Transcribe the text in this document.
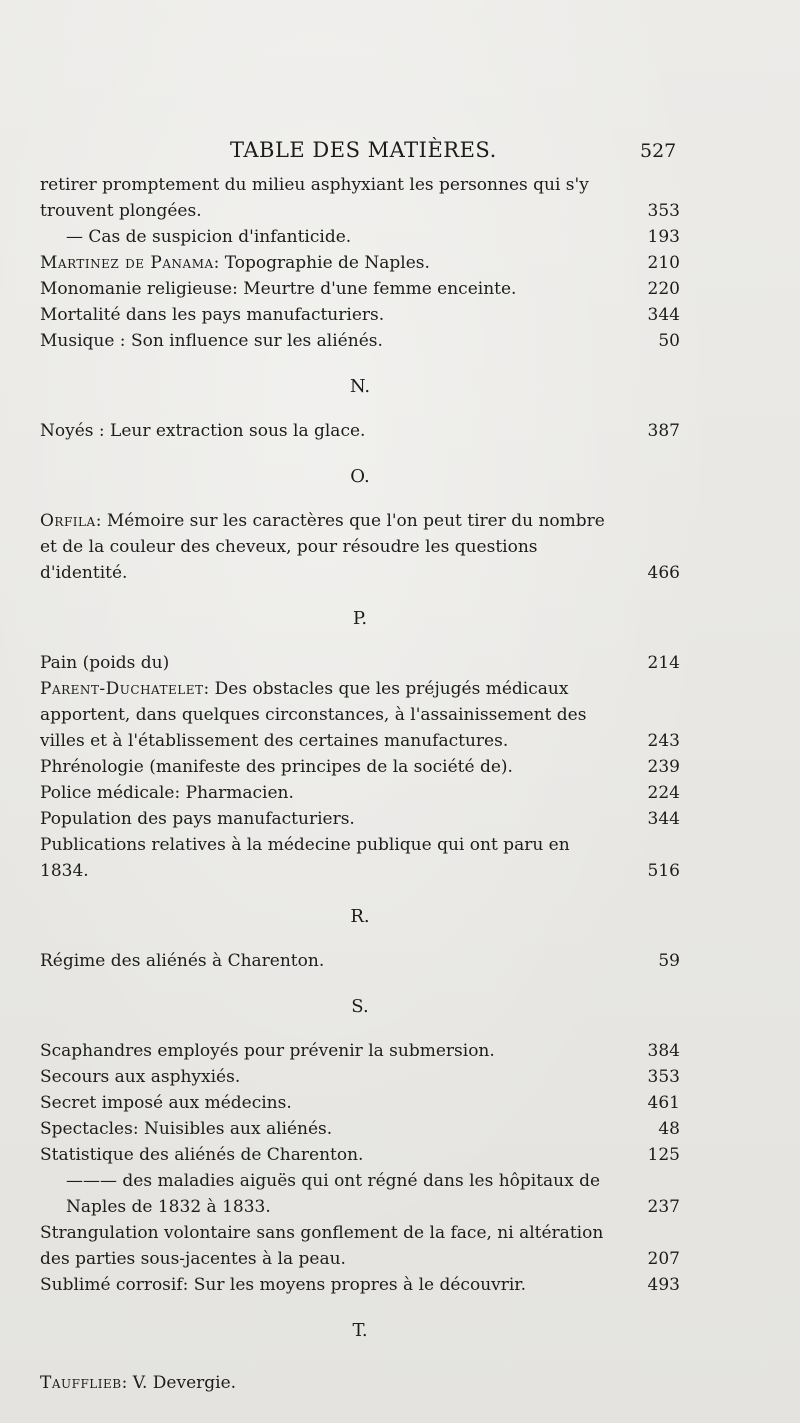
TABLE DES MATIÈRES.	527
retirer promptement du milieu asphyxiant les personnes qui s'y trouvent plongées.	353
— Cas de suspicion d'infanticide.	193
Martinez de Panama: Topographie de Naples.	210
Monomanie religieuse: Meurtre d'une femme enceinte.	220
Mortalité dans les pays manufacturiers.	344
Musique : Son influence sur les aliénés.	50

N.

Noyés : Leur extraction sous la glace.	387

O.

Orfila: Mémoire sur les caractères que l'on peut tirer du nombre et de la couleur des cheveux, pour résoudre les questions d'identité.	466

P.

Pain (poids du)	214
Parent-Duchatelet: Des obstacles que les préjugés médicaux apportent, dans quelques circonstances, à l'assainissement des villes et à l'établissement des certaines manufactures.	243
Phrénologie (manifeste des principes de la société de).	239
Police médicale: Pharmacien.	224
Population des pays manufacturiers.	344
Publications relatives à la médecine publique qui ont paru en 1834.	516

R.

Régime des aliénés à Charenton.	59

S.

Scaphandres employés pour prévenir la submersion.	384
Secours aux asphyxiés.	353
Secret imposé aux médecins.	461
Spectacles: Nuisibles aux aliénés.	48
Statistique des aliénés de Charenton.	125
——— des maladies aiguës qui ont régné dans les hôpitaux de Naples de 1832 à 1833.	237
Strangulation volontaire sans gonflement de la face, ni altération des parties sous-jacentes à la peau.	207
Sublimé corrosif: Sur les moyens propres à le découvrir.	493

T.

Taufflieb: V. Devergie.
